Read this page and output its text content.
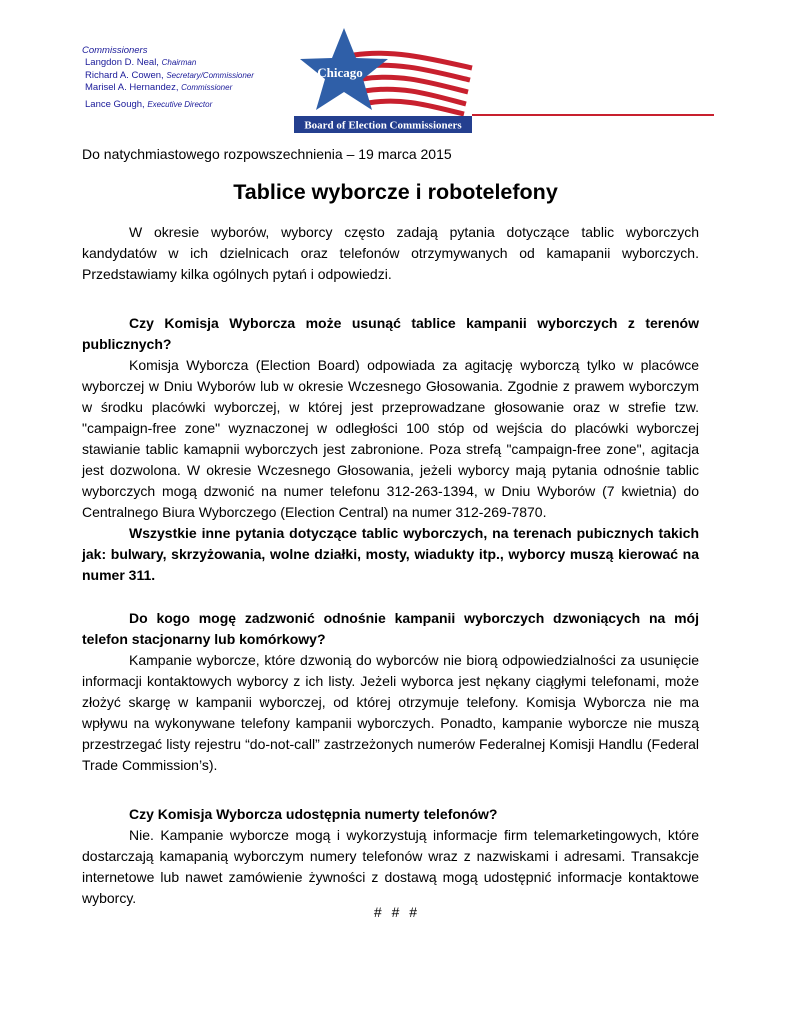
Commissioners
Langdon D. Neal, Chairman
Richard A. Cowen, Secretary/Commissioner
Marisel A. Hernandez, Commissioner
Lance Gough, Executive Director
Chicago
Board of Election Commissioners
Do natychmiastowego rozpowszechnienia – 19 marca 2015
Tablice wyborcze i robotelefony

W okresie wyborów, wyborcy często zadają pytania dotyczące tablic wyborczych kandydatów w ich dzielnicach oraz telefonów otrzymywanych od kamapanii wyborczych. Przedstawiamy kilka ogólnych pytań i odpowiedzi.

Czy Komisja Wyborcza może usunąć tablice kampanii wyborczych z terenów publicznych?

Komisja Wyborcza (Election Board) odpowiada za agitację wyborczą tylko w placówce wyborczej w Dniu Wyborów lub w okresie Wczesnego Głosowania. Zgodnie z prawem wyborczym w środku placówki wyborczej, w której jest przeprowadzane głosowanie oraz w strefie tzw. "campaign-free zone" wyznaczonej w odległości 100 stóp od wejścia do placówki wyborczej stawianie tablic kamapnii wyborczych jest zabronione. Poza strefą "campaign-free zone", agitacja jest dozwolona. W okresie Wczesnego Głosowania, jeżeli wyborcy mają pytania odnośnie tablic wyborczych mogą dzwonić na numer telefonu 312-263-1394, w Dniu Wyborów (7 kwietnia) do Centralnego Biura Wyborczego (Election Central) na numer 312-269-7870.

Wszystkie inne pytania dotyczące tablic wyborczych, na terenach pubicznych takich jak: bulwary, skrzyżowania, wolne działki, mosty, wiadukty itp., wyborcy muszą kierować na numer 311.

Do kogo mogę zadzwonić odnośnie kampanii wyborczych dzwoniących na mój telefon stacjonarny lub komórkowy?

Kampanie wyborcze, które dzwonią do wyborców nie biorą odpowiedzialności za usunięcie informacji kontaktowych wyborcy z ich listy. Jeżeli wyborca jest nękany ciągłymi telefonami, może złożyć skargę w kampanii wyborczej, od której otrzymuje telefony. Komisja Wyborcza nie ma wpływu na wykonywane telefony kampanii wyborczych. Ponadto, kampanie wyborcze nie muszą przestrzegać listy rejestru “do-not-call” zastrzeżonych numerów Federalnej Komisji Handlu (Federal Trade Commission’s).

Czy Komisja Wyborcza udostępnia numerty telefonów?

Nie. Kampanie wyborcze mogą i wykorzystują informacje firm telemarketingowych, które dostarczają kamapanią wyborczym numery telefonów wraz z nazwiskami i adresami. Transakcje internetowe lub nawet zamówienie żywności z dostawą mogą udostępnić informacje kontaktowe wyborcy.

# # #
